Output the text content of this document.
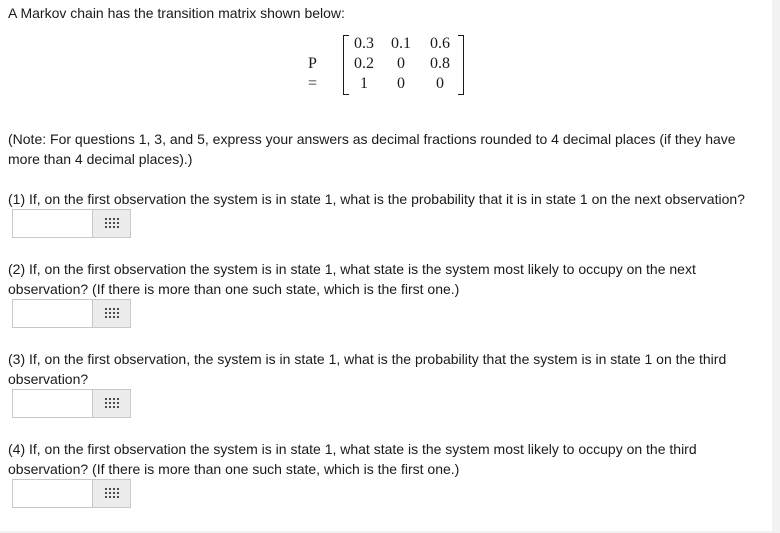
A Markov chain has the transition matrix shown below:

P =
0.3	0.1	0.6
0.2	0	0.8
1	0	0

(Note: For questions 1, 3, and 5, express your answers as decimal fractions rounded to 4 decimal places (if they have more than 4 decimal places).)

(1) If, on the first observation the system is in state 1, what is the probability that it is in state 1 on the next observation?

(2) If, on the first observation the system is in state 1, what state is the system most likely to occupy on the next observation? (If there is more than one such state, which is the first one.)

(3) If, on the first observation, the system is in state 1, what is the probability that the system is in state 1 on the third observation?

(4) If, on the first observation the system is in state 1, what state is the system most likely to occupy on the third observation? (If there is more than one such state, which is the first one.)
